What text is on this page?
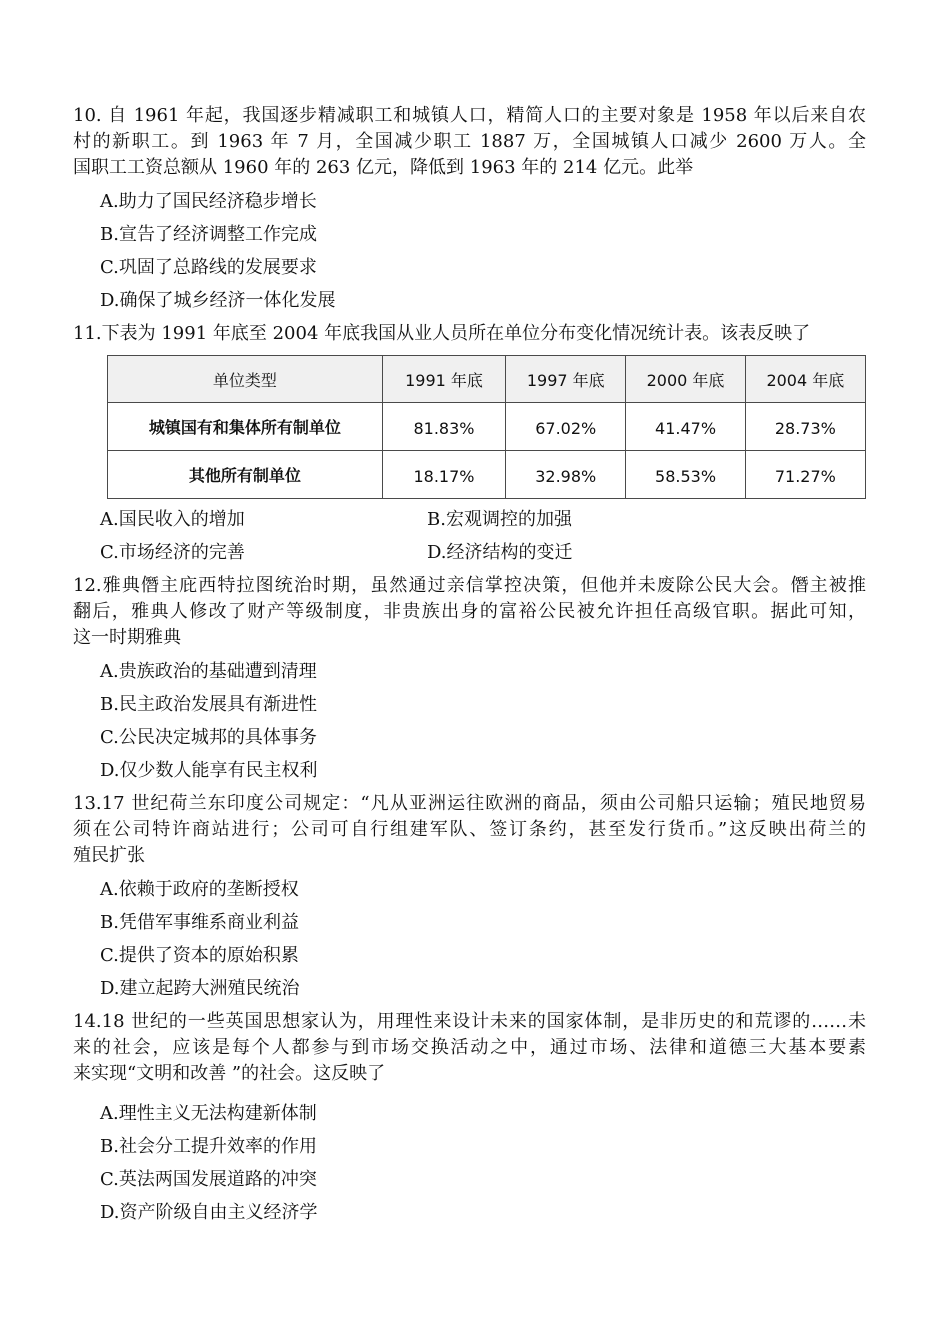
10. 自 1961 年起，我国逐步精减职工和城镇人口，精简人口的主要对象是 1958 年以后来自农
村的新职工。到 1963 年 7 月，全国减少职工 1887 万，全国城镇人口减少 2600 万人。全
国职工工资总额从 1960 年的 263 亿元，降低到 1963 年的 214 亿元。此举
A.助力了国民经济稳步增长
B.宣告了经济调整工作完成
C.巩固了总路线的发展要求
D.确保了城乡经济一体化发展
11.下表为 1991 年底至 2004 年底我国从业人员所在单位分布变化情况统计表。该表反映了
单位类型	1991 年底	1997 年底	2000 年底	2004 年底
城镇国有和集体所有制单位	81.83%	67.02%	41.47%	28.73%
其他所有制单位	18.17%	32.98%	58.53%	71.27%
A.国民收入的增加	B.宏观调控的加强
C.市场经济的完善	D.经济结构的变迁
12.雅典僭主庇西特拉图统治时期，虽然通过亲信掌控决策，但他并未废除公民大会。僭主被推
翻后，雅典人修改了财产等级制度，非贵族出身的富裕公民被允许担任高级官职。据此可知，
这一时期雅典
A.贵族政治的基础遭到清理
B.民主政治发展具有渐进性
C.公民决定城邦的具体事务
D.仅少数人能享有民主权利
13.17 世纪荷兰东印度公司规定：“凡从亚洲运往欧洲的商品，须由公司船只运输；殖民地贸易
须在公司特许商站进行；公司可自行组建军队、签订条约，甚至发行货币。”这反映出荷兰的
殖民扩张
A.依赖于政府的垄断授权
B.凭借军事维系商业利益
C.提供了资本的原始积累
D.建立起跨大洲殖民统治
14.18 世纪的一些英国思想家认为，用理性来设计未来的国家体制，是非历史的和荒谬的……未
来的社会，应该是每个人都参与到市场交换活动之中，通过市场、法律和道德三大基本要素
来实现“文明和改善 ”的社会。这反映了
A.理性主义无法构建新体制
B.社会分工提升效率的作用
C.英法两国发展道路的冲突
D.资产阶级自由主义经济学
